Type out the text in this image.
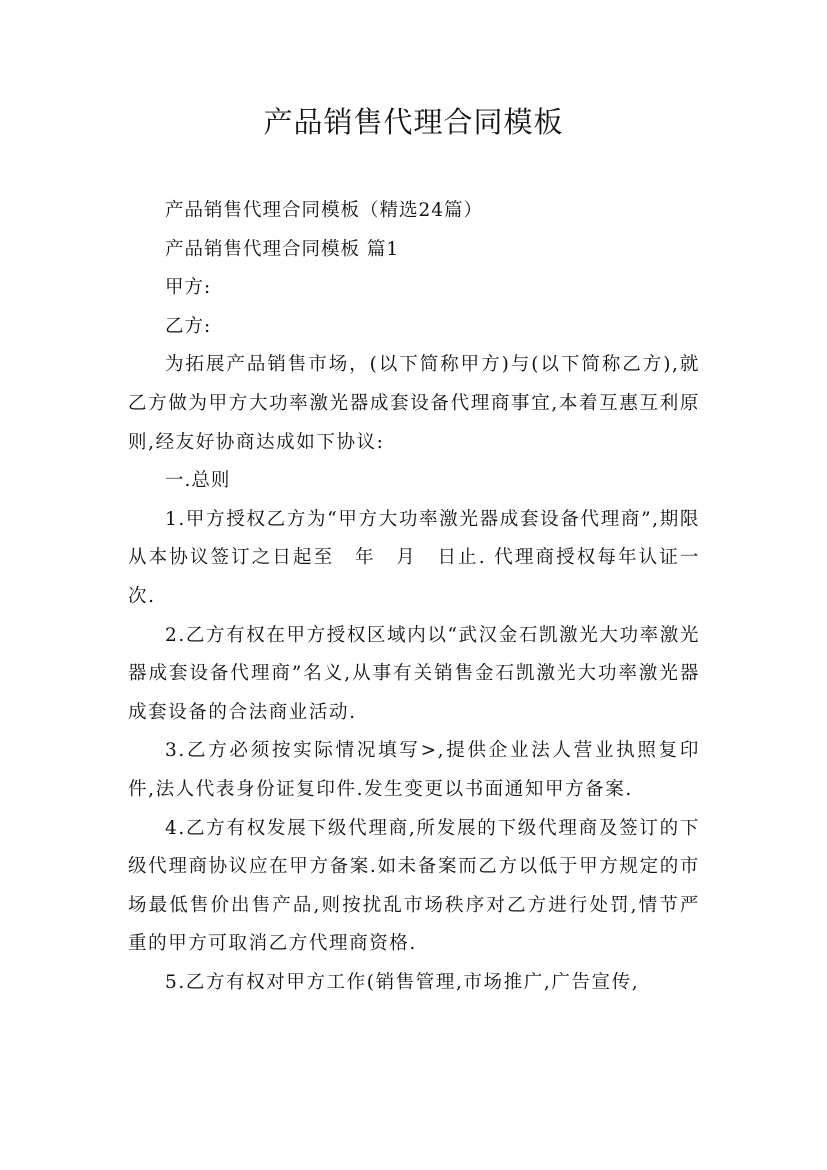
产品销售代理合同模板

产品销售代理合同模板（精选24篇）

产品销售代理合同模板 篇1

甲方:

乙方:

为拓展产品销售市场，(以下简称甲方)与(以下简称乙方),就乙方做为甲方大功率激光器成套设备代理商事宜,本着互惠互利原则,经友好协商达成如下协议:

一.总则

1.甲方授权乙方为“甲方大功率激光器成套设备代理商”,期限从本协议签订之日起至　年　月　日止. 代理商授权每年认证一次.

2.乙方有权在甲方授权区域内以“武汉金石凯激光大功率激光器成套设备代理商”名义,从事有关销售金石凯激光大功率激光器成套设备的合法商业活动.

3.乙方必须按实际情况填写>,提供企业法人营业执照复印件,法人代表身份证复印件.发生变更以书面通知甲方备案.

4.乙方有权发展下级代理商,所发展的下级代理商及签订的下级代理商协议应在甲方备案.如未备案而乙方以低于甲方规定的市场最低售价出售产品,则按扰乱市场秩序对乙方进行处罚,情节严重的甲方可取消乙方代理商资格.

5.乙方有权对甲方工作(销售管理,市场推广,广告宣传,
